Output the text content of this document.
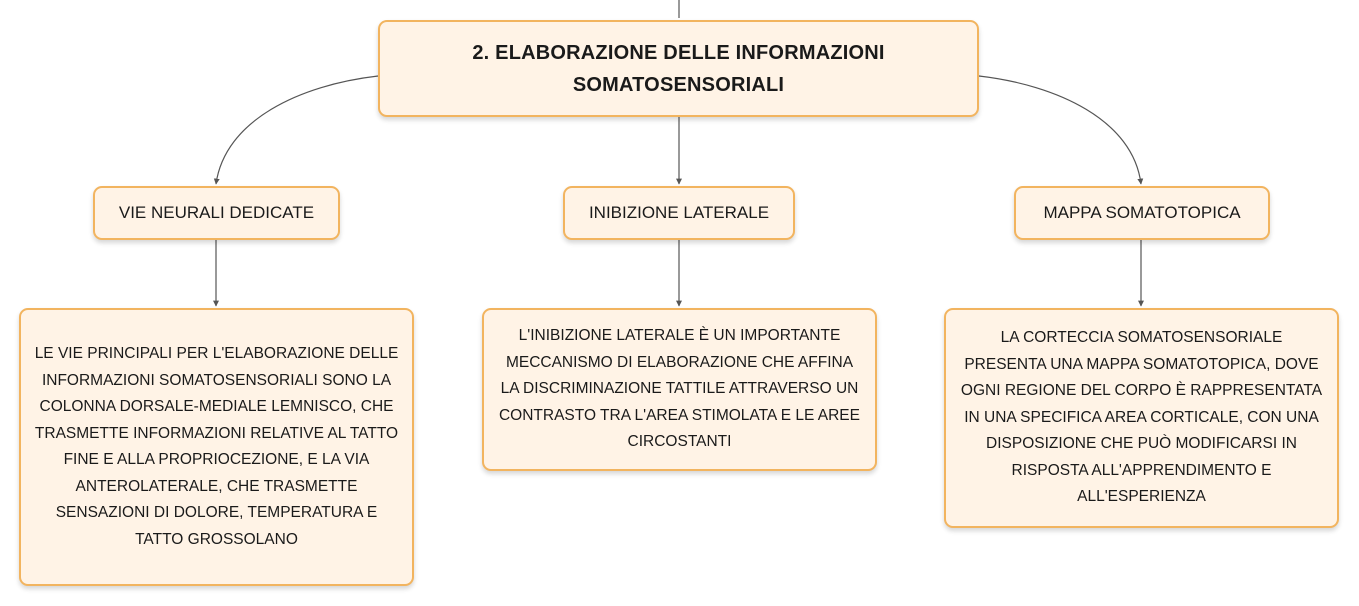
2. ELABORAZIONE DELLE INFORMAZIONI SOMATOSENSORIALI
VIE NEURALI DEDICATE	INIBIZIONE LATERALE	MAPPA SOMATOTOPICA
LE VIE PRINCIPALI PER L'ELABORAZIONE DELLE INFORMAZIONI SOMATOSENSORIALI SONO LA COLONNA DORSALE-MEDIALE LEMNISCO, CHE TRASMETTE INFORMAZIONI RELATIVE AL TATTO FINE E ALLA PROPRIOCEZIONE, E LA VIA ANTEROLATERALE, CHE TRASMETTE SENSAZIONI DI DOLORE, TEMPERATURA E TATTO GROSSOLANO
L'INIBIZIONE LATERALE È UN IMPORTANTE MECCANISMO DI ELABORAZIONE CHE AFFINA LA DISCRIMINAZIONE TATTILE ATTRAVERSO UN CONTRASTO TRA L'AREA STIMOLATA E LE AREE CIRCOSTANTI
LA CORTECCIA SOMATOSENSORIALE PRESENTA UNA MAPPA SOMATOTOPICA, DOVE OGNI REGIONE DEL CORPO È RAPPRESENTATA IN UNA SPECIFICA AREA CORTICALE, CON UNA DISPOSIZIONE CHE PUÒ MODIFICARSI IN RISPOSTA ALL'APPRENDIMENTO E ALL'ESPERIENZA
